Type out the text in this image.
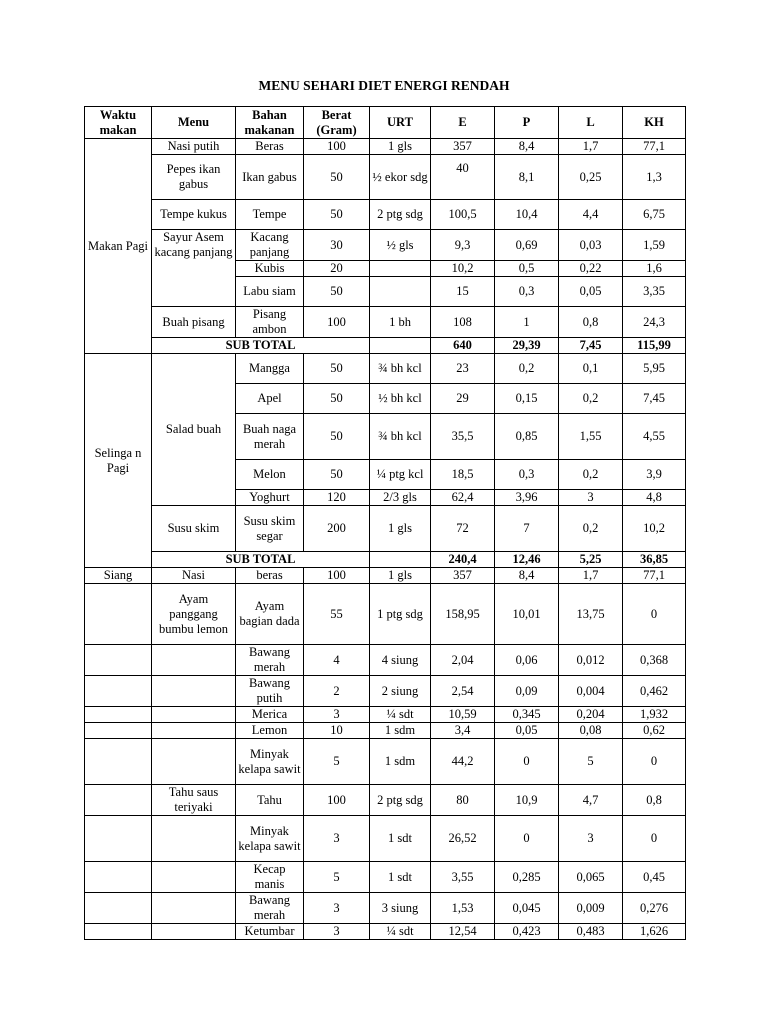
MENU SEHARI DIET ENERGI RENDAH
Waktu makan	Menu	Bahan makanan	Berat (Gram)	URT	E	P	L	KH
Makan Pagi	Nasi putih	Beras	100	1 gls	357	8,4	1,7	77,1
	Pepes ikan gabus	Ikan gabus	50	½ ekor sdg	40	8,1	0,25	1,3
	Tempe kukus	Tempe	50	2 ptg sdg	100,5	10,4	4,4	6,75
	Sayur Asem kacang panjang	Kacang panjang	30	½ gls	9,3	0,69	0,03	1,59
		Kubis	20		10,2	0,5	0,22	1,6
		Labu siam	50		15	0,3	0,05	3,35
	Buah pisang	Pisang ambon	100	1 bh	108	1	0,8	24,3
	SUB TOTAL				640	29,39	7,45	115,99
Selinga n Pagi	Salad buah	Mangga	50	¾ bh kcl	23	0,2	0,1	5,95
		Apel	50	½ bh kcl	29	0,15	0,2	7,45
		Buah naga merah	50	¾ bh kcl	35,5	0,85	1,55	4,55
		Melon	50	¼ ptg kcl	18,5	0,3	0,2	3,9
		Yoghurt	120	2/3 gls	62,4	3,96	3	4,8
	Susu skim	Susu skim segar	200	1 gls	72	7	0,2	10,2
	SUB TOTAL				240,4	12,46	5,25	36,85
Siang	Nasi	beras	100	1 gls	357	8,4	1,7	77,1
	Ayam panggang bumbu lemon	Ayam bagian dada	55	1 ptg sdg	158,95	10,01	13,75	0
		Bawang merah	4	4 siung	2,04	0,06	0,012	0,368
		Bawang putih	2	2 siung	2,54	0,09	0,004	0,462
		Merica	3	¼ sdt	10,59	0,345	0,204	1,932
		Lemon	10	1 sdm	3,4	0,05	0,08	0,62
		Minyak kelapa sawit	5	1 sdm	44,2	0	5	0
	Tahu saus teriyaki	Tahu	100	2 ptg sdg	80	10,9	4,7	0,8
		Minyak kelapa sawit	3	1 sdt	26,52	0	3	0
		Kecap manis	5	1 sdt	3,55	0,285	0,065	0,45
		Bawang merah	3	3 siung	1,53	0,045	0,009	0,276
		Ketumbar	3	¼ sdt	12,54	0,423	0,483	1,626
